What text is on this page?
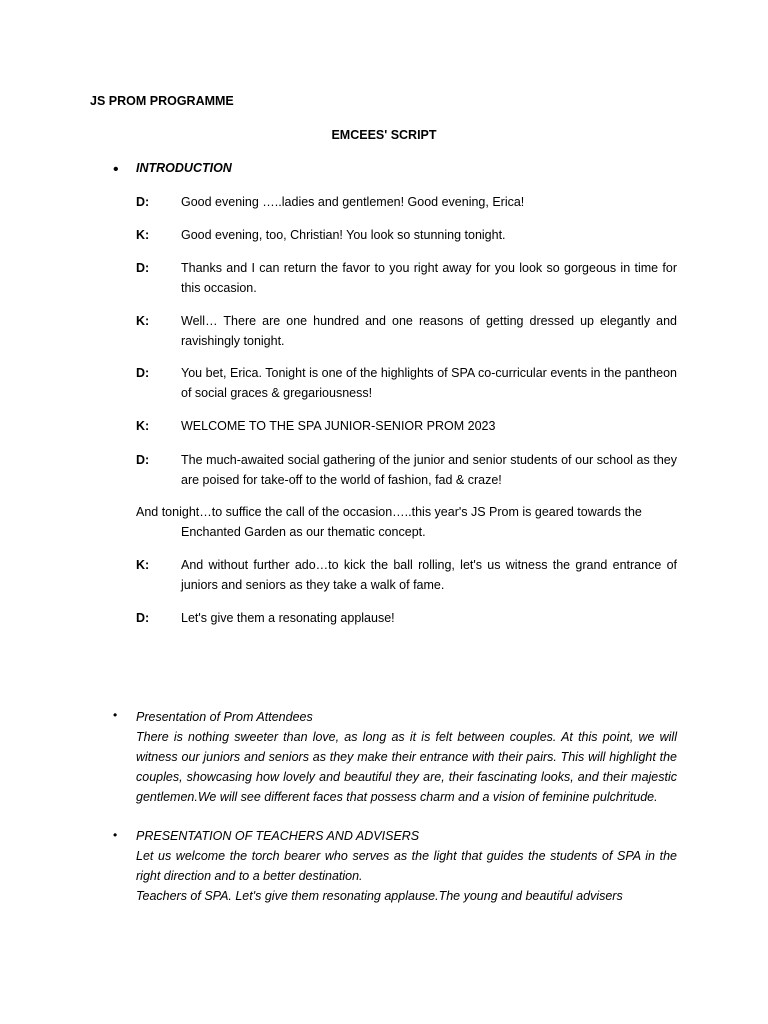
JS PROM PROGRAMME
EMCEES' SCRIPT
• INTRODUCTION
D:	Good evening …..ladies and gentlemen! Good evening, Erica!
K:	Good evening, too, Christian! You look so stunning tonight.
D:	Thanks and I can return the favor to you right away for you look so gorgeous in time for this occasion.
K:	Well… There are one hundred and one reasons of getting dressed up elegantly and ravishingly tonight.
D:	You bet, Erica. Tonight is one of the highlights of SPA co-curricular events in the pantheon of social graces & gregariousness!
K:	WELCOME TO THE SPA JUNIOR-SENIOR PROM 2023
D:	The much-awaited social gathering of the junior and senior students of our school as they are poised for take-off to the world of fashion, fad & craze!
And tonight…to suffice the call of the occasion…..this year's JS Prom is geared towards the
Enchanted Garden as our thematic concept.
K:	And without further ado…to kick the ball rolling, let's us witness the grand entrance of juniors and seniors as they take a walk of fame.
D:	Let's give them a resonating applause!
• Presentation of Prom Attendees
There is nothing sweeter than love, as long as it is felt between couples. At this point, we will witness our juniors and seniors as they make their entrance with their pairs. This will highlight the couples, showcasing how lovely and beautiful they are, their fascinating looks, and their majestic gentlemen.We will see different faces that possess charm and a vision of feminine pulchritude.
• PRESENTATION OF TEACHERS AND ADVISERS
Let us welcome the torch bearer who serves as the light that guides the students of SPA in the right direction and to a better destination.
Teachers of SPA. Let's give them resonating applause.The young and beautiful advisers
